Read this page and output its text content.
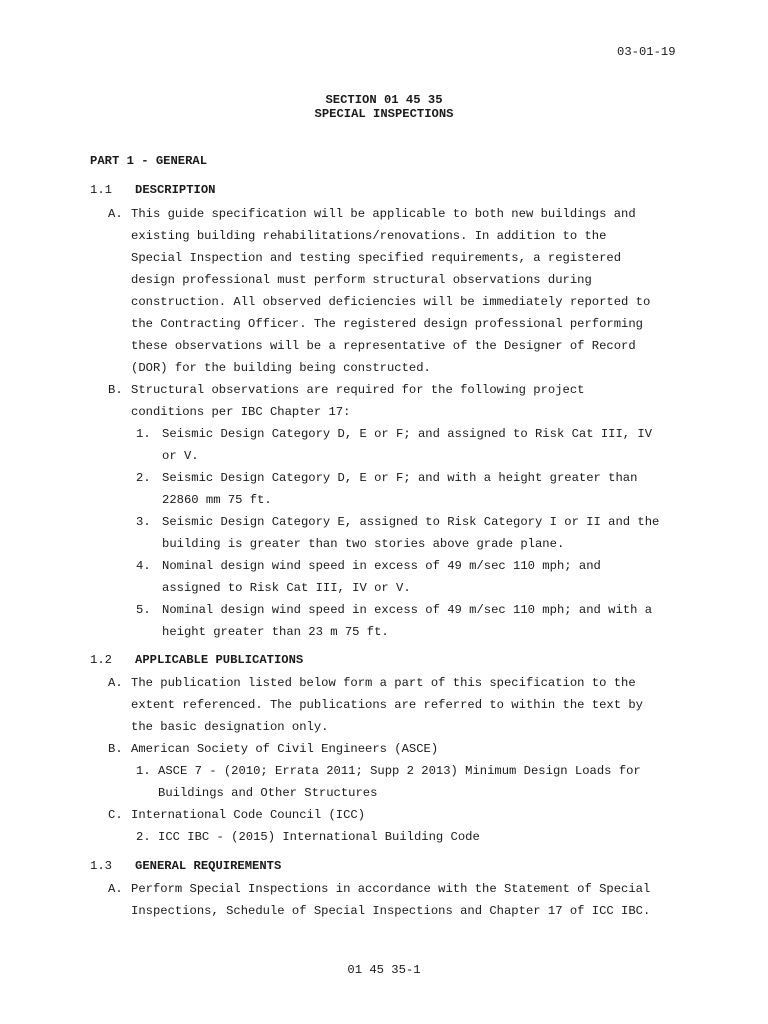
03-01-19
SECTION 01 45 35
SPECIAL INSPECTIONS
PART 1 - GENERAL
1.1 DESCRIPTION
A. This guide specification will be applicable to both new buildings and
existing building rehabilitations/renovations. In addition to the
Special Inspection and testing specified requirements, a registered
design professional must perform structural observations during
construction. All observed deficiencies will be immediately reported to
the Contracting Officer. The registered design professional performing
these observations will be a representative of the Designer of Record
(DOR) for the building being constructed.
B. Structural observations are required for the following project
conditions per IBC Chapter 17:
1. Seismic Design Category D, E or F; and assigned to Risk Cat III, IV
or V.
2. Seismic Design Category D, E or F; and with a height greater than
22860 mm 75 ft.
3. Seismic Design Category E, assigned to Risk Category I or II and the
building is greater than two stories above grade plane.
4. Nominal design wind speed in excess of 49 m/sec 110 mph; and
assigned to Risk Cat III, IV or V.
5. Nominal design wind speed in excess of 49 m/sec 110 mph; and with a
height greater than 23 m 75 ft.
1.2 APPLICABLE PUBLICATIONS
A. The publication listed below form a part of this specification to the
extent referenced. The publications are referred to within the text by
the basic designation only.
B. American Society of Civil Engineers (ASCE)
1. ASCE 7 - (2010; Errata 2011; Supp 2 2013) Minimum Design Loads for
Buildings and Other Structures
C. International Code Council (ICC)
2. ICC IBC - (2015) International Building Code
1.3 GENERAL REQUIREMENTS
A. Perform Special Inspections in accordance with the Statement of Special
Inspections, Schedule of Special Inspections and Chapter 17 of ICC IBC.
01 45 35-1
